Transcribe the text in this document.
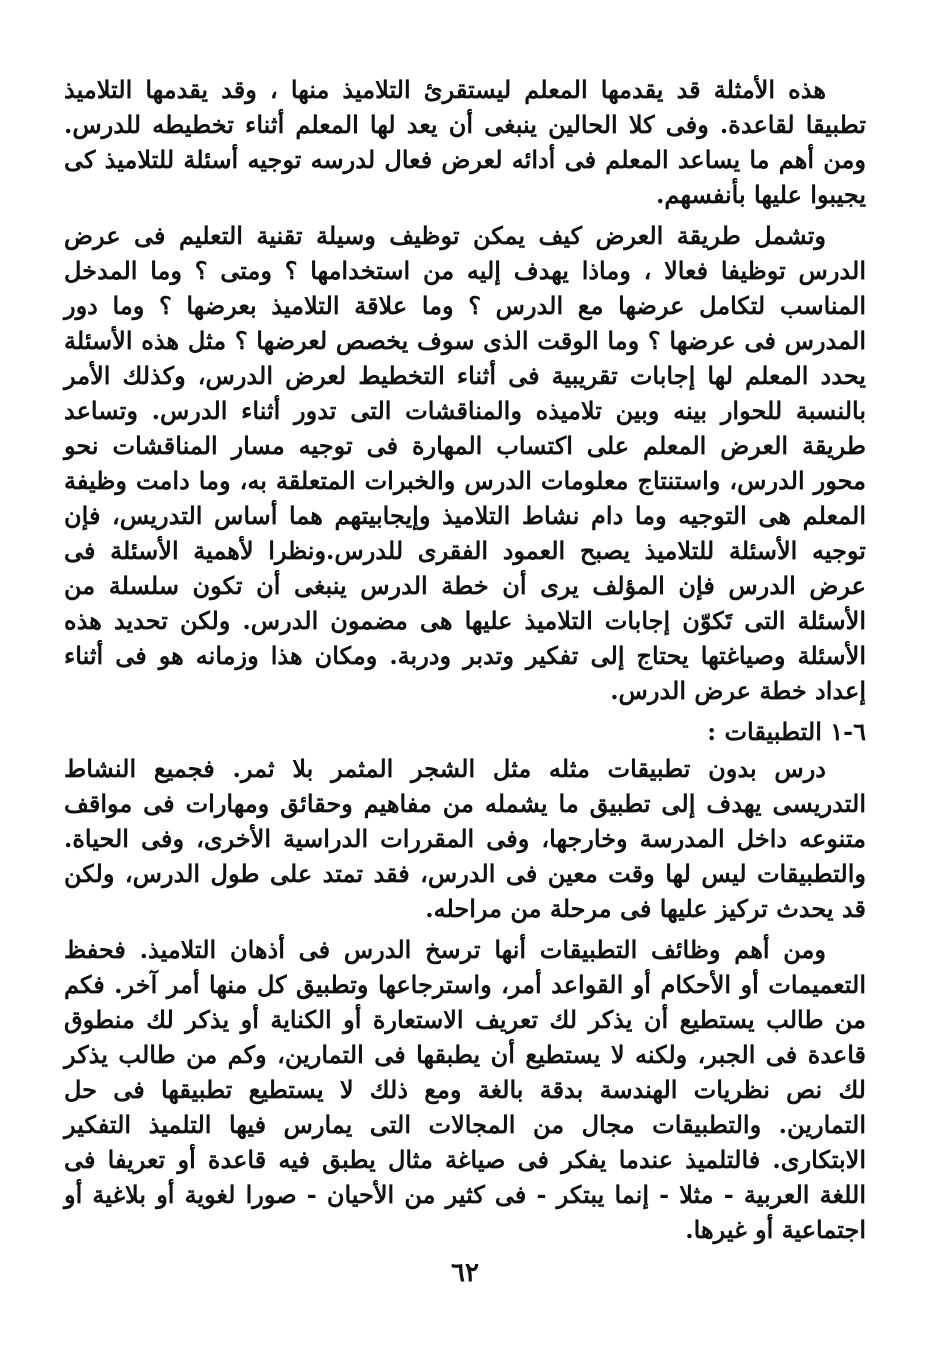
هذه الأمثلة قد يقدمها المعلم ليستقرئ التلاميذ منها ، وقد يقدمها التلاميذ تطبيقا لقاعدة. وفى كلا الحالين ينبغى أن يعد لها المعلم أثناء تخطيطه للدرس. ومن أهم ما يساعد المعلم فى أدائه لعرض فعال لدرسه توجيه أسئلة للتلاميذ كى يجيبوا عليها بأنفسهم.

وتشمل طريقة العرض كيف يمكن توظيف وسيلة تقنية التعليم فى عرض الدرس توظيفا فعالا ، وماذا يهدف إليه من استخدامها ؟ ومتى ؟ وما المدخل المناسب لتكامل عرضها مع الدرس ؟ وما علاقة التلاميذ بعرضها ؟ وما دور المدرس فى عرضها ؟ وما الوقت الذى سوف يخصص لعرضها ؟ مثل هذه الأسئلة يحدد المعلم لها إجابات تقريبية فى أثناء التخطيط لعرض الدرس، وكذلك الأمر بالنسبة للحوار بينه وبين تلاميذه والمناقشات التى تدور أثناء الدرس. وتساعد طريقة العرض المعلم على اكتساب المهارة فى توجيه مسار المناقشات نحو محور الدرس، واستنتاج معلومات الدرس والخبرات المتعلقة به، وما دامت وظيفة المعلم هى التوجيه وما دام نشاط التلاميذ وإيجابيتهم هما أساس التدريس، فإن توجيه الأسئلة للتلاميذ يصبح العمود الفقرى للدرس.ونظرا لأهمية الأسئلة فى عرض الدرس فإن المؤلف يرى أن خطة الدرس ينبغى أن تكون سلسلة من الأسئلة التى تَكوّن إجابات التلاميذ عليها هى مضمون الدرس. ولكن تحديد هذه الأسئلة وصياغتها يحتاج إلى تفكير وتدبر ودربة. ومكان هذا وزمانه هو فى أثناء إعداد خطة عرض الدرس.

٦-١ التطبيقات :

درس بدون تطبيقات مثله مثل الشجر المثمر بلا ثمر. فجميع النشاط التدريسى يهدف إلى تطبيق ما يشمله من مفاهيم وحقائق ومهارات فى مواقف متنوعه داخل المدرسة وخارجها، وفى المقررات الدراسية الأخرى، وفى الحياة. والتطبيقات ليس لها وقت معين فى الدرس، فقد تمتد على طول الدرس، ولكن قد يحدث تركيز عليها فى مرحلة من مراحله.

ومن أهم وظائف التطبيقات أنها ترسخ الدرس فى أذهان التلاميذ. فحفظ التعميمات أو الأحكام أو القواعد أمر، واسترجاعها وتطبيق كل منها أمر آخر. فكم من طالب يستطيع أن يذكر لك تعريف الاستعارة أو الكناية أو يذكر لك منطوق قاعدة فى الجبر، ولكنه لا يستطيع أن يطبقها فى التمارين، وكم من طالب يذكر لك نص نظريات الهندسة بدقة بالغة ومع ذلك لا يستطيع تطبيقها فى حل التمارين. والتطبيقات مجال من المجالات التى يمارس فيها التلميذ التفكير الابتكارى. فالتلميذ عندما يفكر فى صياغة مثال يطبق فيه قاعدة أو تعريفا فى اللغة العربية - مثلا - إنما يبتكر - فى كثير من الأحيان - صورا لغوية أو بلاغية أو اجتماعية أو غيرها.

٦٢
